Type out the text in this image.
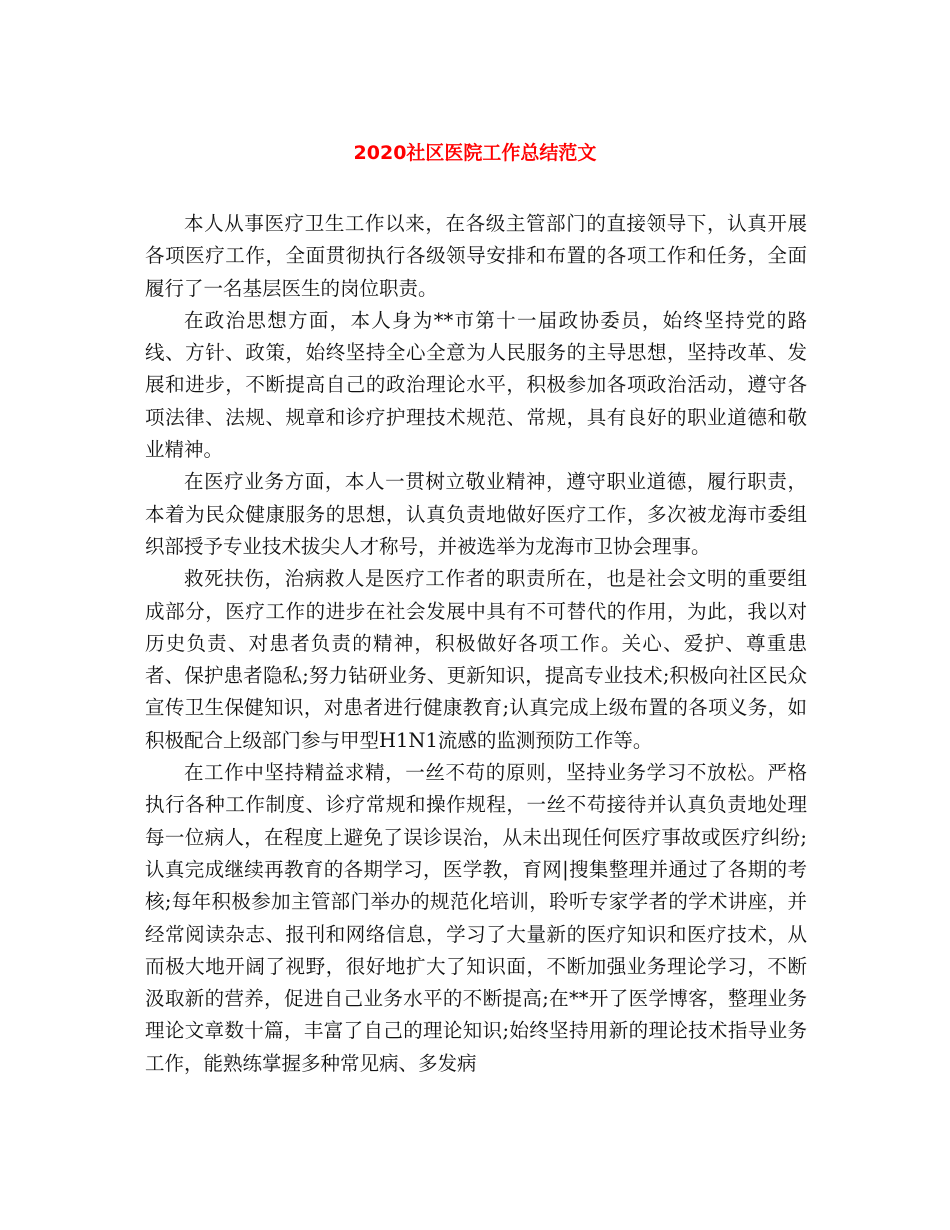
2020社区医院工作总结范文

本人从事医疗卫生工作以来，在各级主管部门的直接领导下，认真开展各项医疗工作，全面贯彻执行各级领导安排和布置的各项工作和任务，全面履行了一名基层医生的岗位职责。

在政治思想方面，本人身为**市第十一届政协委员，始终坚持党的路线、方针、政策，始终坚持全心全意为人民服务的主导思想，坚持改革、发展和进步，不断提高自己的政治理论水平，积极参加各项政治活动，遵守各项法律、法规、规章和诊疗护理技术规范、常规，具有良好的职业道德和敬业精神。

在医疗业务方面，本人一贯树立敬业精神，遵守职业道德，履行职责，本着为民众健康服务的思想，认真负责地做好医疗工作，多次被龙海市委组织部授予专业技术拔尖人才称号，并被选举为龙海市卫协会理事。

救死扶伤，治病救人是医疗工作者的职责所在，也是社会文明的重要组成部分，医疗工作的进步在社会发展中具有不可替代的作用，为此，我以对历史负责、对患者负责的精神，积极做好各项工作。关心、爱护、尊重患者、保护患者隐私;努力钻研业务、更新知识，提高专业技术;积极向社区民众宣传卫生保健知识，对患者进行健康教育;认真完成上级布置的各项义务，如积极配合上级部门参与甲型H1N1流感的监测预防工作等。

在工作中坚持精益求精，一丝不苟的原则，坚持业务学习不放松。严格执行各种工作制度、诊疗常规和操作规程，一丝不苟接待并认真负责地处理每一位病人，在程度上避免了误诊误治，从未出现任何医疗事故或医疗纠纷;认真完成继续再教育的各期学习，医学教，育网|搜集整理并通过了各期的考核;每年积极参加主管部门举办的规范化培训，聆听专家学者的学术讲座，并经常阅读杂志、报刊和网络信息，学习了大量新的医疗知识和医疗技术，从而极大地开阔了视野，很好地扩大了知识面，不断加强业务理论学习，不断汲取新的营养，促进自己业务水平的不断提高;在**开了医学博客，整理业务理论文章数十篇，丰富了自己的理论知识;始终坚持用新的理论技术指导业务工作，能熟练掌握多种常见病、多发病
